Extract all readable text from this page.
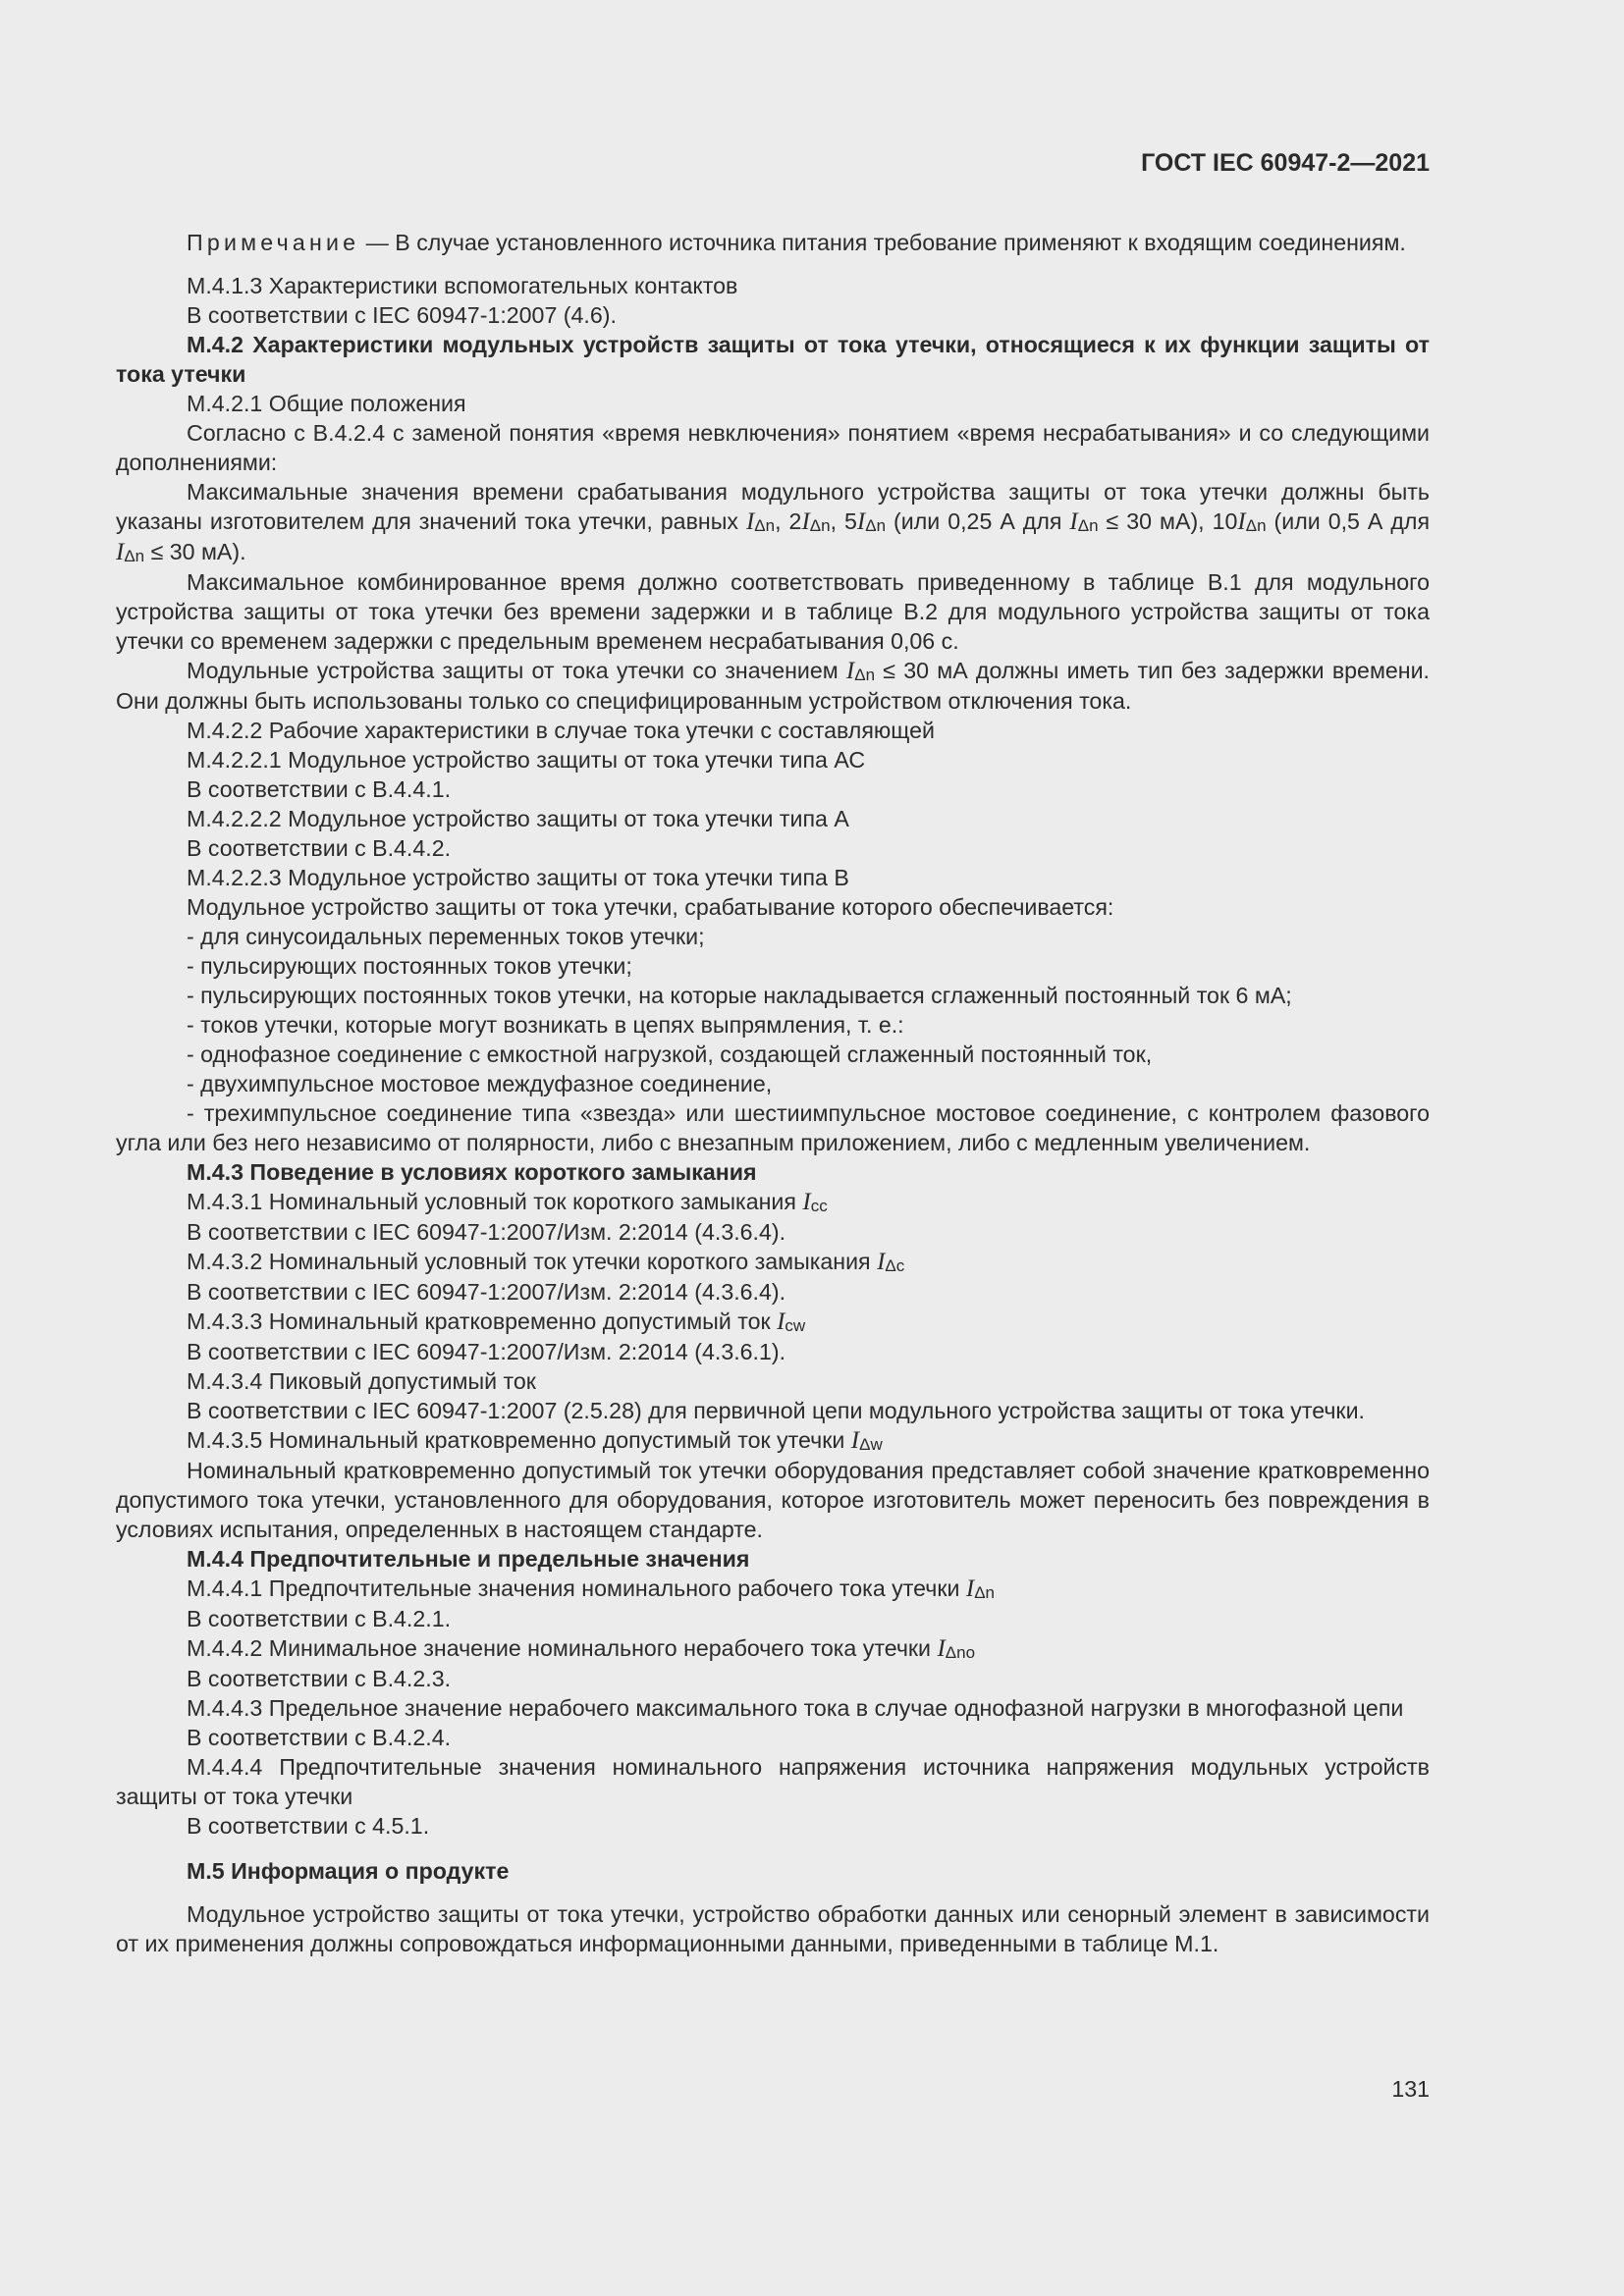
ГОСТ IEC 60947-2—2021

Примечание — В случае установленного источника питания требование применяют к входящим соединениям.

М.4.1.3 Характеристики вспомогательных контактов

В соответствии с IEC 60947-1:2007 (4.6).

М.4.2 Характеристики модульных устройств защиты от тока утечки, относящиеся к их функции защиты от тока утечки

М.4.2.1 Общие положения

Согласно с В.4.2.4 с заменой понятия «время невключения» понятием «время несрабатывания» и со следующими дополнениями:

Максимальные значения времени срабатывания модульного устройства защиты от тока утечки должны быть указаны изготовителем для значений тока утечки, равных $I_{\Delta n}$, $2I_{\Delta n}$, $5I_{\Delta n}$ (или 0,25 А для $I_{\Delta n} \le 30$ мА), $10I_{\Delta n}$ (или 0,5 А для $I_{\Delta n} \le 30$ мА).

Максимальное комбинированное время должно соответствовать приведенному в таблице В.1 для модульного устройства защиты от тока утечки без времени задержки и в таблице В.2 для модульного устройства защиты от тока утечки со временем задержки с предельным временем несрабатывания 0,06 с.

Модульные устройства защиты от тока утечки со значением $I_{\Delta n} \le 30$ мА должны иметь тип без задержки времени. Они должны быть использованы только со специфицированным устройством отключения тока.

М.4.2.2 Рабочие характеристики в случае тока утечки с составляющей

М.4.2.2.1 Модульное устройство защиты от тока утечки типа АС

В соответствии с В.4.4.1.

М.4.2.2.2 Модульное устройство защиты от тока утечки типа А

В соответствии с В.4.4.2.

М.4.2.2.3 Модульное устройство защиты от тока утечки типа В

Модульное устройство защиты от тока утечки, срабатывание которого обеспечивается:

- для синусоидальных переменных токов утечки;

- пульсирующих постоянных токов утечки;

- пульсирующих постоянных токов утечки, на которые накладывается сглаженный постоянный ток 6 мА;

- токов утечки, которые могут возникать в цепях выпрямления, т. е.:

- однофазное соединение с емкостной нагрузкой, создающей сглаженный постоянный ток,

- двухимпульсное мостовое междуфазное соединение,

- трехимпульсное соединение типа «звезда» или шестиимпульсное мостовое соединение, с контролем фазового угла или без него независимо от полярности, либо с внезапным приложением, либо с медленным увеличением.

М.4.3 Поведение в условиях короткого замыкания

М.4.3.1 Номинальный условный ток короткого замыкания $I_{cc}$

В соответствии с IEC 60947-1:2007/Изм. 2:2014 (4.3.6.4).

М.4.3.2 Номинальный условный ток утечки короткого замыкания $I_{\Delta c}$

В соответствии с IEC 60947-1:2007/Изм. 2:2014 (4.3.6.4).

М.4.3.3 Номинальный кратковременно допустимый ток $I_{cw}$

В соответствии с IEC 60947-1:2007/Изм. 2:2014 (4.3.6.1).

М.4.3.4 Пиковый допустимый ток

В соответствии с IEC 60947-1:2007 (2.5.28) для первичной цепи модульного устройства защиты от тока утечки.

М.4.3.5 Номинальный кратковременно допустимый ток утечки $I_{\Delta w}$

Номинальный кратковременно допустимый ток утечки оборудования представляет собой значение кратковременно допустимого тока утечки, установленного для оборудования, которое изготовитель может переносить без повреждения в условиях испытания, определенных в настоящем стандарте.

М.4.4 Предпочтительные и предельные значения

М.4.4.1 Предпочтительные значения номинального рабочего тока утечки $I_{\Delta n}$

В соответствии с В.4.2.1.

М.4.4.2 Минимальное значение номинального нерабочего тока утечки $I_{\Delta no}$

В соответствии с В.4.2.3.

М.4.4.3 Предельное значение нерабочего максимального тока в случае однофазной нагрузки в многофазной цепи

В соответствии с В.4.2.4.

М.4.4.4 Предпочтительные значения номинального напряжения источника напряжения модульных устройств защиты от тока утечки

В соответствии с 4.5.1.

М.5 Информация о продукте

Модульное устройство защиты от тока утечки, устройство обработки данных или сенорный элемент в зависимости от их применения должны сопровождаться информационными данными, приведенными в таблице М.1.

131
